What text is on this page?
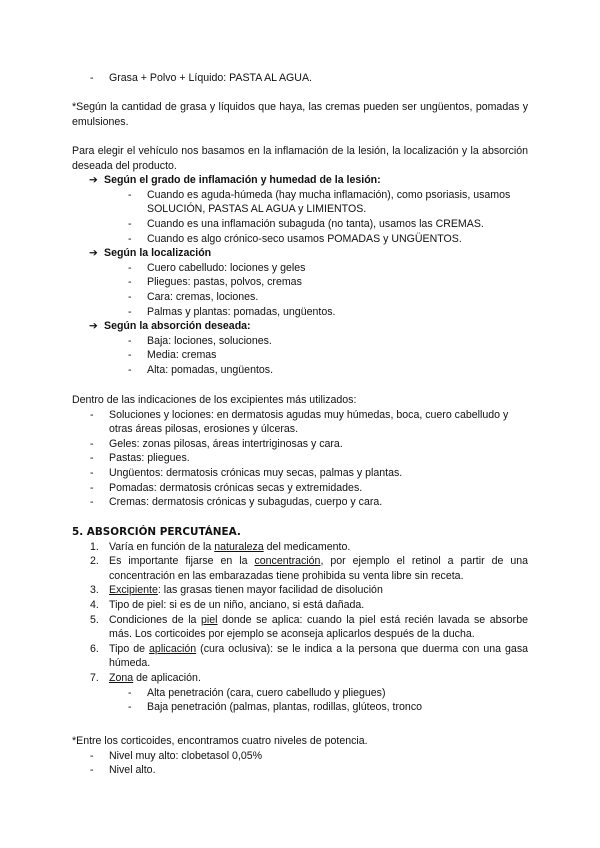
- Grasa + Polvo + Líquido: PASTA AL AGUA.
*Según la cantidad de grasa y líquidos que haya, las cremas pueden ser ungüentos, pomadas y emulsiones.
Para elegir el vehículo nos basamos en la inflamación de la lesión, la localización y la absorción deseada del producto.
➔ Según el grado de inflamación y humedad de la lesión:
- Cuando es aguda-húmeda (hay mucha inflamación), como psoriasis, usamos SOLUCIÓN, PASTAS AL AGUA y LIMIENTOS.
- Cuando es una inflamación subaguda (no tanta), usamos las CREMAS.
- Cuando es algo crónico-seco usamos POMADAS y UNGÜENTOS.
➔ Según la localización
- Cuero cabelludo: lociones y geles
- Pliegues: pastas, polvos, cremas
- Cara: cremas, lociones.
- Palmas y plantas: pomadas, ungüentos.
➔ Según la absorción deseada:
- Baja: lociones, soluciones.
- Media: cremas
- Alta: pomadas, ungüentos.
Dentro de las indicaciones de los excipientes más utilizados:
- Soluciones y lociones: en dermatosis agudas muy húmedas, boca, cuero cabelludo y otras áreas pilosas, erosiones y úlceras.
- Geles: zonas pilosas, áreas intertriginosas y cara.
- Pastas: pliegues.
- Ungüentos: dermatosis crónicas muy secas, palmas y plantas.
- Pomadas: dermatosis crónicas secas y extremidades.
- Cremas: dermatosis crónicas y subagudas, cuerpo y cara.
5. ABSORCIÓN PERCUTÁNEA.
1. Varía en función de la naturaleza del medicamento.
2. Es importante fijarse en la concentración, por ejemplo el retinol a partir de una concentración en las embarazadas tiene prohibida su venta libre sin receta.
3. Excipiente: las grasas tienen mayor facilidad de disolución
4. Tipo de piel: si es de un niño, anciano, si está dañada.
5. Condiciones de la piel donde se aplica: cuando la piel está recién lavada se absorbe más. Los corticoides por ejemplo se aconseja aplicarlos después de la ducha.
6. Tipo de aplicación (cura oclusiva): se le indica a la persona que duerma con una gasa húmeda.
7. Zona de aplicación.
- Alta penetración (cara, cuero cabelludo y pliegues)
- Baja penetración (palmas, plantas, rodillas, glúteos, tronco
*Entre los corticoides, encontramos cuatro niveles de potencia.
- Nivel muy alto: clobetasol 0,05%
- Nivel alto.
